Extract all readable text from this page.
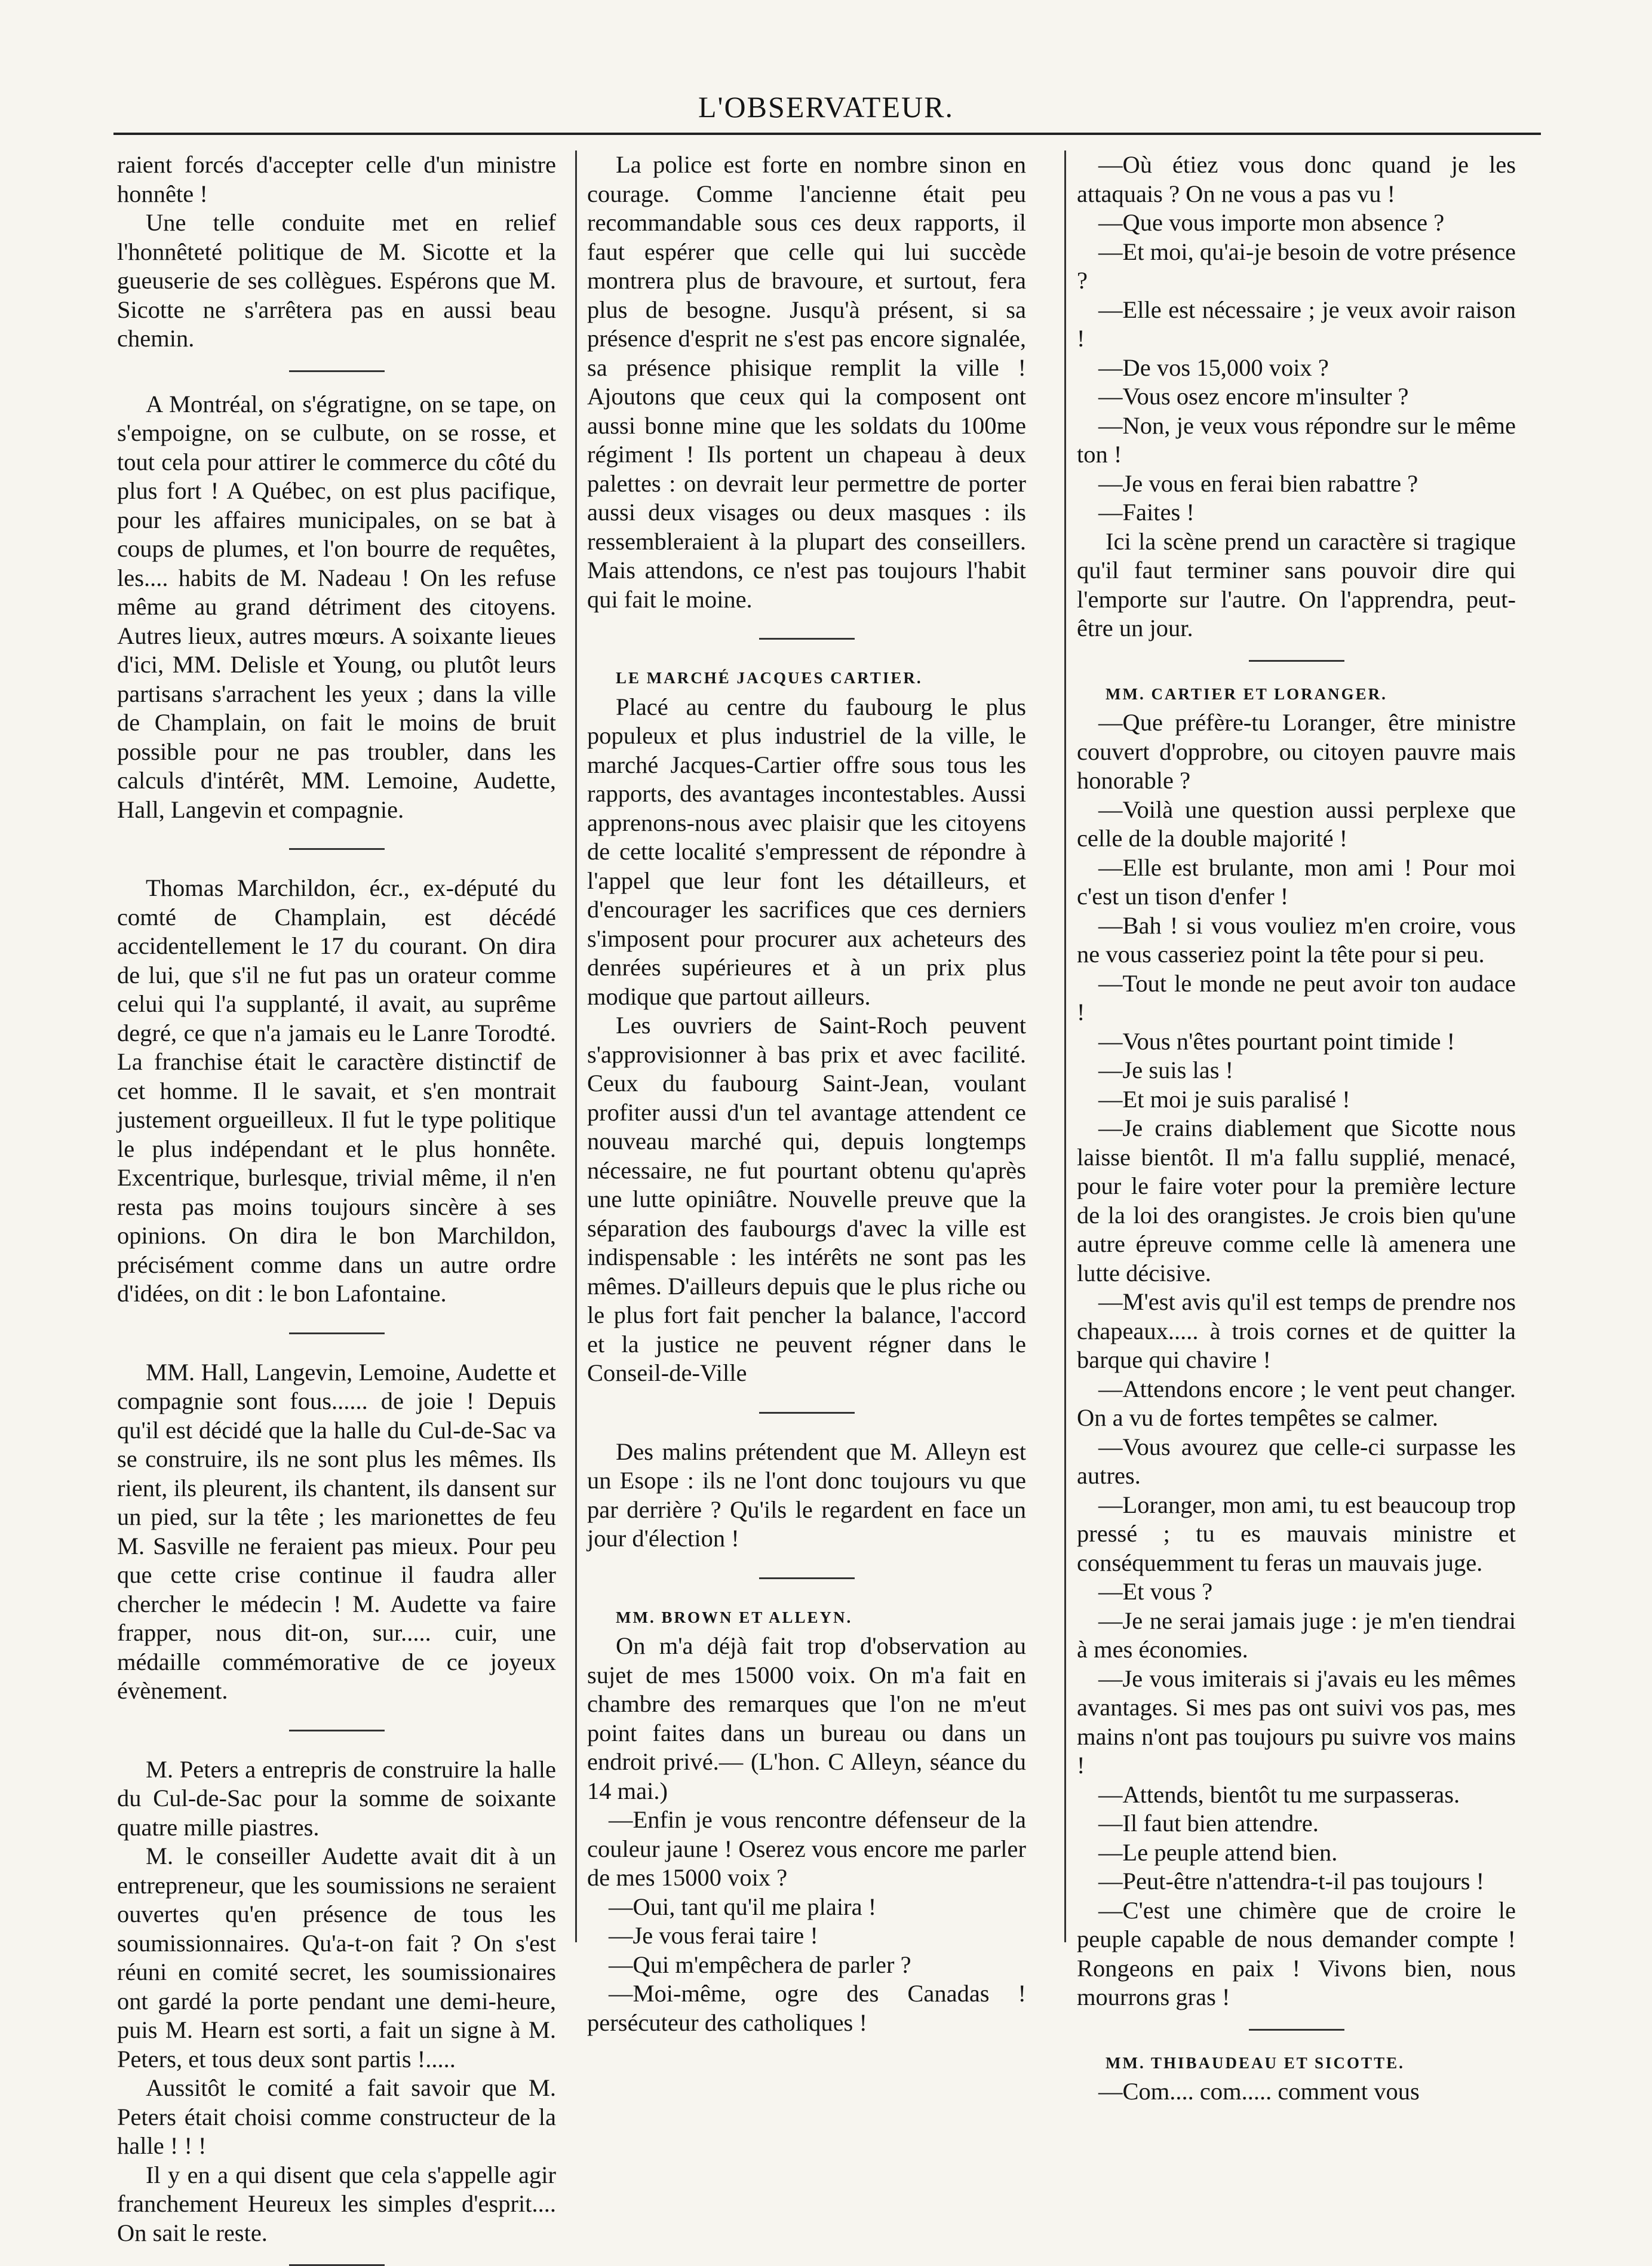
L'OBSERVATEUR.

raient forcés d'accepter celle d'un ministre honnête !

Une telle conduite met en relief l'honnêteté politique de M. Sicotte et la gueuserie de ses collègues. Espérons que M. Sicotte ne s'arrêtera pas en aussi beau chemin.

A Montréal, on s'égratigne, on se tape, on s'empoigne, on se culbute, on se rosse, et tout cela pour attirer le commerce du côté du plus fort ! A Québec, on est plus pacifique, pour les affaires municipales, on se bat à coups de plumes, et l'on bourre de requêtes, les.... habits de M. Nadeau ! On les refuse même au grand détriment des citoyens. Autres lieux, autres mœurs. A soixante lieues d'ici, MM. Delisle et Young, ou plutôt leurs partisans s'arrachent les yeux ; dans la ville de Champlain, on fait le moins de bruit possible pour ne pas troubler, dans les calculs d'intérêt, MM. Lemoine, Audette, Hall, Langevin et compagnie.

Thomas Marchildon, écr., ex-député du comté de Champlain, est décédé accidentellement le 17 du courant. On dira de lui, que s'il ne fut pas un orateur comme celui qui l'a supplanté, il avait, au suprême degré, ce que n'a jamais eu le Lanre Torodté. La franchise était le caractère distinctif de cet homme. Il le savait, et s'en montrait justement orgueilleux. Il fut le type politique le plus indépendant et le plus honnête. Excentrique, burlesque, trivial même, il n'en resta pas moins toujours sincère à ses opinions. On dira le bon Marchildon, précisément comme dans un autre ordre d'idées, on dit : le bon Lafontaine.

MM. Hall, Langevin, Lemoine, Audette et compagnie sont fous...... de joie ! Depuis qu'il est décidé que la halle du Cul-de-Sac va se construire, ils ne sont plus les mêmes. Ils rient, ils pleurent, ils chantent, ils dansent sur un pied, sur la tête ; les marionettes de feu M. Sasville ne feraient pas mieux. Pour peu que cette crise continue il faudra aller chercher le médecin ! M. Audette va faire frapper, nous dit-on, sur..... cuir, une médaille commémorative de ce joyeux évènement.

M. Peters a entrepris de construire la halle du Cul-de-Sac pour la somme de soixante quatre mille piastres.

M. le conseiller Audette avait dit à un entrepreneur, que les soumissions ne seraient ouvertes qu'en présence de tous les soumissionnaires. Qu'a-t-on fait ? On s'est réuni en comité secret, les soumissionaires ont gardé la porte pendant une demi-heure, puis M. Hearn est sorti, a fait un signe à M. Peters, et tous deux sont partis !.....

Aussitôt le comité a fait savoir que M. Peters était choisi comme constructeur de la halle ! ! !

Il y en a qui disent que cela s'appelle agir franchement Heureux les simples d'esprit.... On sait le reste.

La police est forte en nombre sinon en courage. Comme l'ancienne était peu recommandable sous ces deux rapports, il faut espérer que celle qui lui succède montrera plus de bravoure, et surtout, fera plus de besogne. Jusqu'à présent, si sa présence d'esprit ne s'est pas encore signalée, sa présence phisique remplit la ville ! Ajoutons que ceux qui la composent ont aussi bonne mine que les soldats du 100me régiment ! Ils portent un chapeau à deux palettes : on devrait leur permettre de porter aussi deux visages ou deux masques : ils ressembleraient à la plupart des conseillers. Mais attendons, ce n'est pas toujours l'habit qui fait le moine.

LE MARCHÉ JACQUES CARTIER.

Placé au centre du faubourg le plus populeux et plus industriel de la ville, le marché Jacques-Cartier offre sous tous les rapports, des avantages incontestables. Aussi apprenons-nous avec plaisir que les citoyens de cette localité s'empressent de répondre à l'appel que leur font les détailleurs, et d'encourager les sacrifices que ces derniers s'imposent pour procurer aux acheteurs des denrées supérieures et à un prix plus modique que partout ailleurs.

Les ouvriers de Saint-Roch peuvent s'approvisionner à bas prix et avec facilité. Ceux du faubourg Saint-Jean, voulant profiter aussi d'un tel avantage attendent ce nouveau marché qui, depuis longtemps nécessaire, ne fut pourtant obtenu qu'après une lutte opiniâtre. Nouvelle preuve que la séparation des faubourgs d'avec la ville est indispensable : les intérêts ne sont pas les mêmes. D'ailleurs depuis que le plus riche ou le plus fort fait pencher la balance, l'accord et la justice ne peuvent régner dans le Conseil-de-Ville

Des malins prétendent que M. Alleyn est un Esope : ils ne l'ont donc toujours vu que par derrière ? Qu'ils le regardent en face un jour d'élection !

MM. BROWN ET ALLEYN.

On m'a déjà fait trop d'observation au sujet de mes 15000 voix. On m'a fait en chambre des remarques que l'on ne m'eut point faites dans un bureau ou dans un endroit privé.— (L'hon. C Alleyn, séance du 14 mai.)

—Enfin je vous rencontre défenseur de la couleur jaune ! Oserez vous encore me parler de mes 15000 voix ?

—Oui, tant qu'il me plaira !

—Je vous ferai taire !

—Qui m'empêchera de parler ?

—Moi-même, ogre des Canadas ! persécuteur des catholiques !

—Où étiez vous donc quand je les attaquais ? On ne vous a pas vu !

—Que vous importe mon absence ?

—Et moi, qu'ai-je besoin de votre présence ?

—Elle est nécessaire ; je veux avoir raison !

—De vos 15,000 voix ?

—Vous osez encore m'insulter ?

—Non, je veux vous répondre sur le même ton !

—Je vous en ferai bien rabattre ?

—Faites !

Ici la scène prend un caractère si tragique qu'il faut terminer sans pouvoir dire qui l'emporte sur l'autre. On l'apprendra, peut-être un jour.

MM. CARTIER ET LORANGER.

—Que préfère-tu Loranger, être ministre couvert d'opprobre, ou citoyen pauvre mais honorable ?

—Voilà une question aussi perplexe que celle de la double majorité !

—Elle est brulante, mon ami ! Pour moi c'est un tison d'enfer !

—Bah ! si vous vouliez m'en croire, vous ne vous casseriez point la tête pour si peu.

—Tout le monde ne peut avoir ton audace !

—Vous n'êtes pourtant point timide !

—Je suis las !

—Et moi je suis paralisé !

—Je crains diablement que Sicotte nous laisse bientôt. Il m'a fallu supplié, menacé, pour le faire voter pour la première lecture de la loi des orangistes. Je crois bien qu'une autre épreuve comme celle là amenera une lutte décisive.

—M'est avis qu'il est temps de prendre nos chapeaux..... à trois cornes et de quitter la barque qui chavire !

—Attendons encore ; le vent peut changer. On a vu de fortes tempêtes se calmer.

—Vous avourez que celle-ci surpasse les autres.

—Loranger, mon ami, tu est beaucoup trop pressé ; tu es mauvais ministre et conséquemment tu feras un mauvais juge.

—Et vous ?

—Je ne serai jamais juge : je m'en tiendrai à mes économies.

—Je vous imiterais si j'avais eu les mêmes avantages. Si mes pas ont suivi vos pas, mes mains n'ont pas toujours pu suivre vos mains !

—Attends, bientôt tu me surpasseras.

—Il faut bien attendre.

—Le peuple attend bien.

—Peut-être n'attendra-t-il pas toujours !

—C'est une chimère que de croire le peuple capable de nous demander compte ! Rongeons en paix ! Vivons bien, nous mourrons gras !

MM. THIBAUDEAU ET SICOTTE.

—Com.... com..... comment vous
